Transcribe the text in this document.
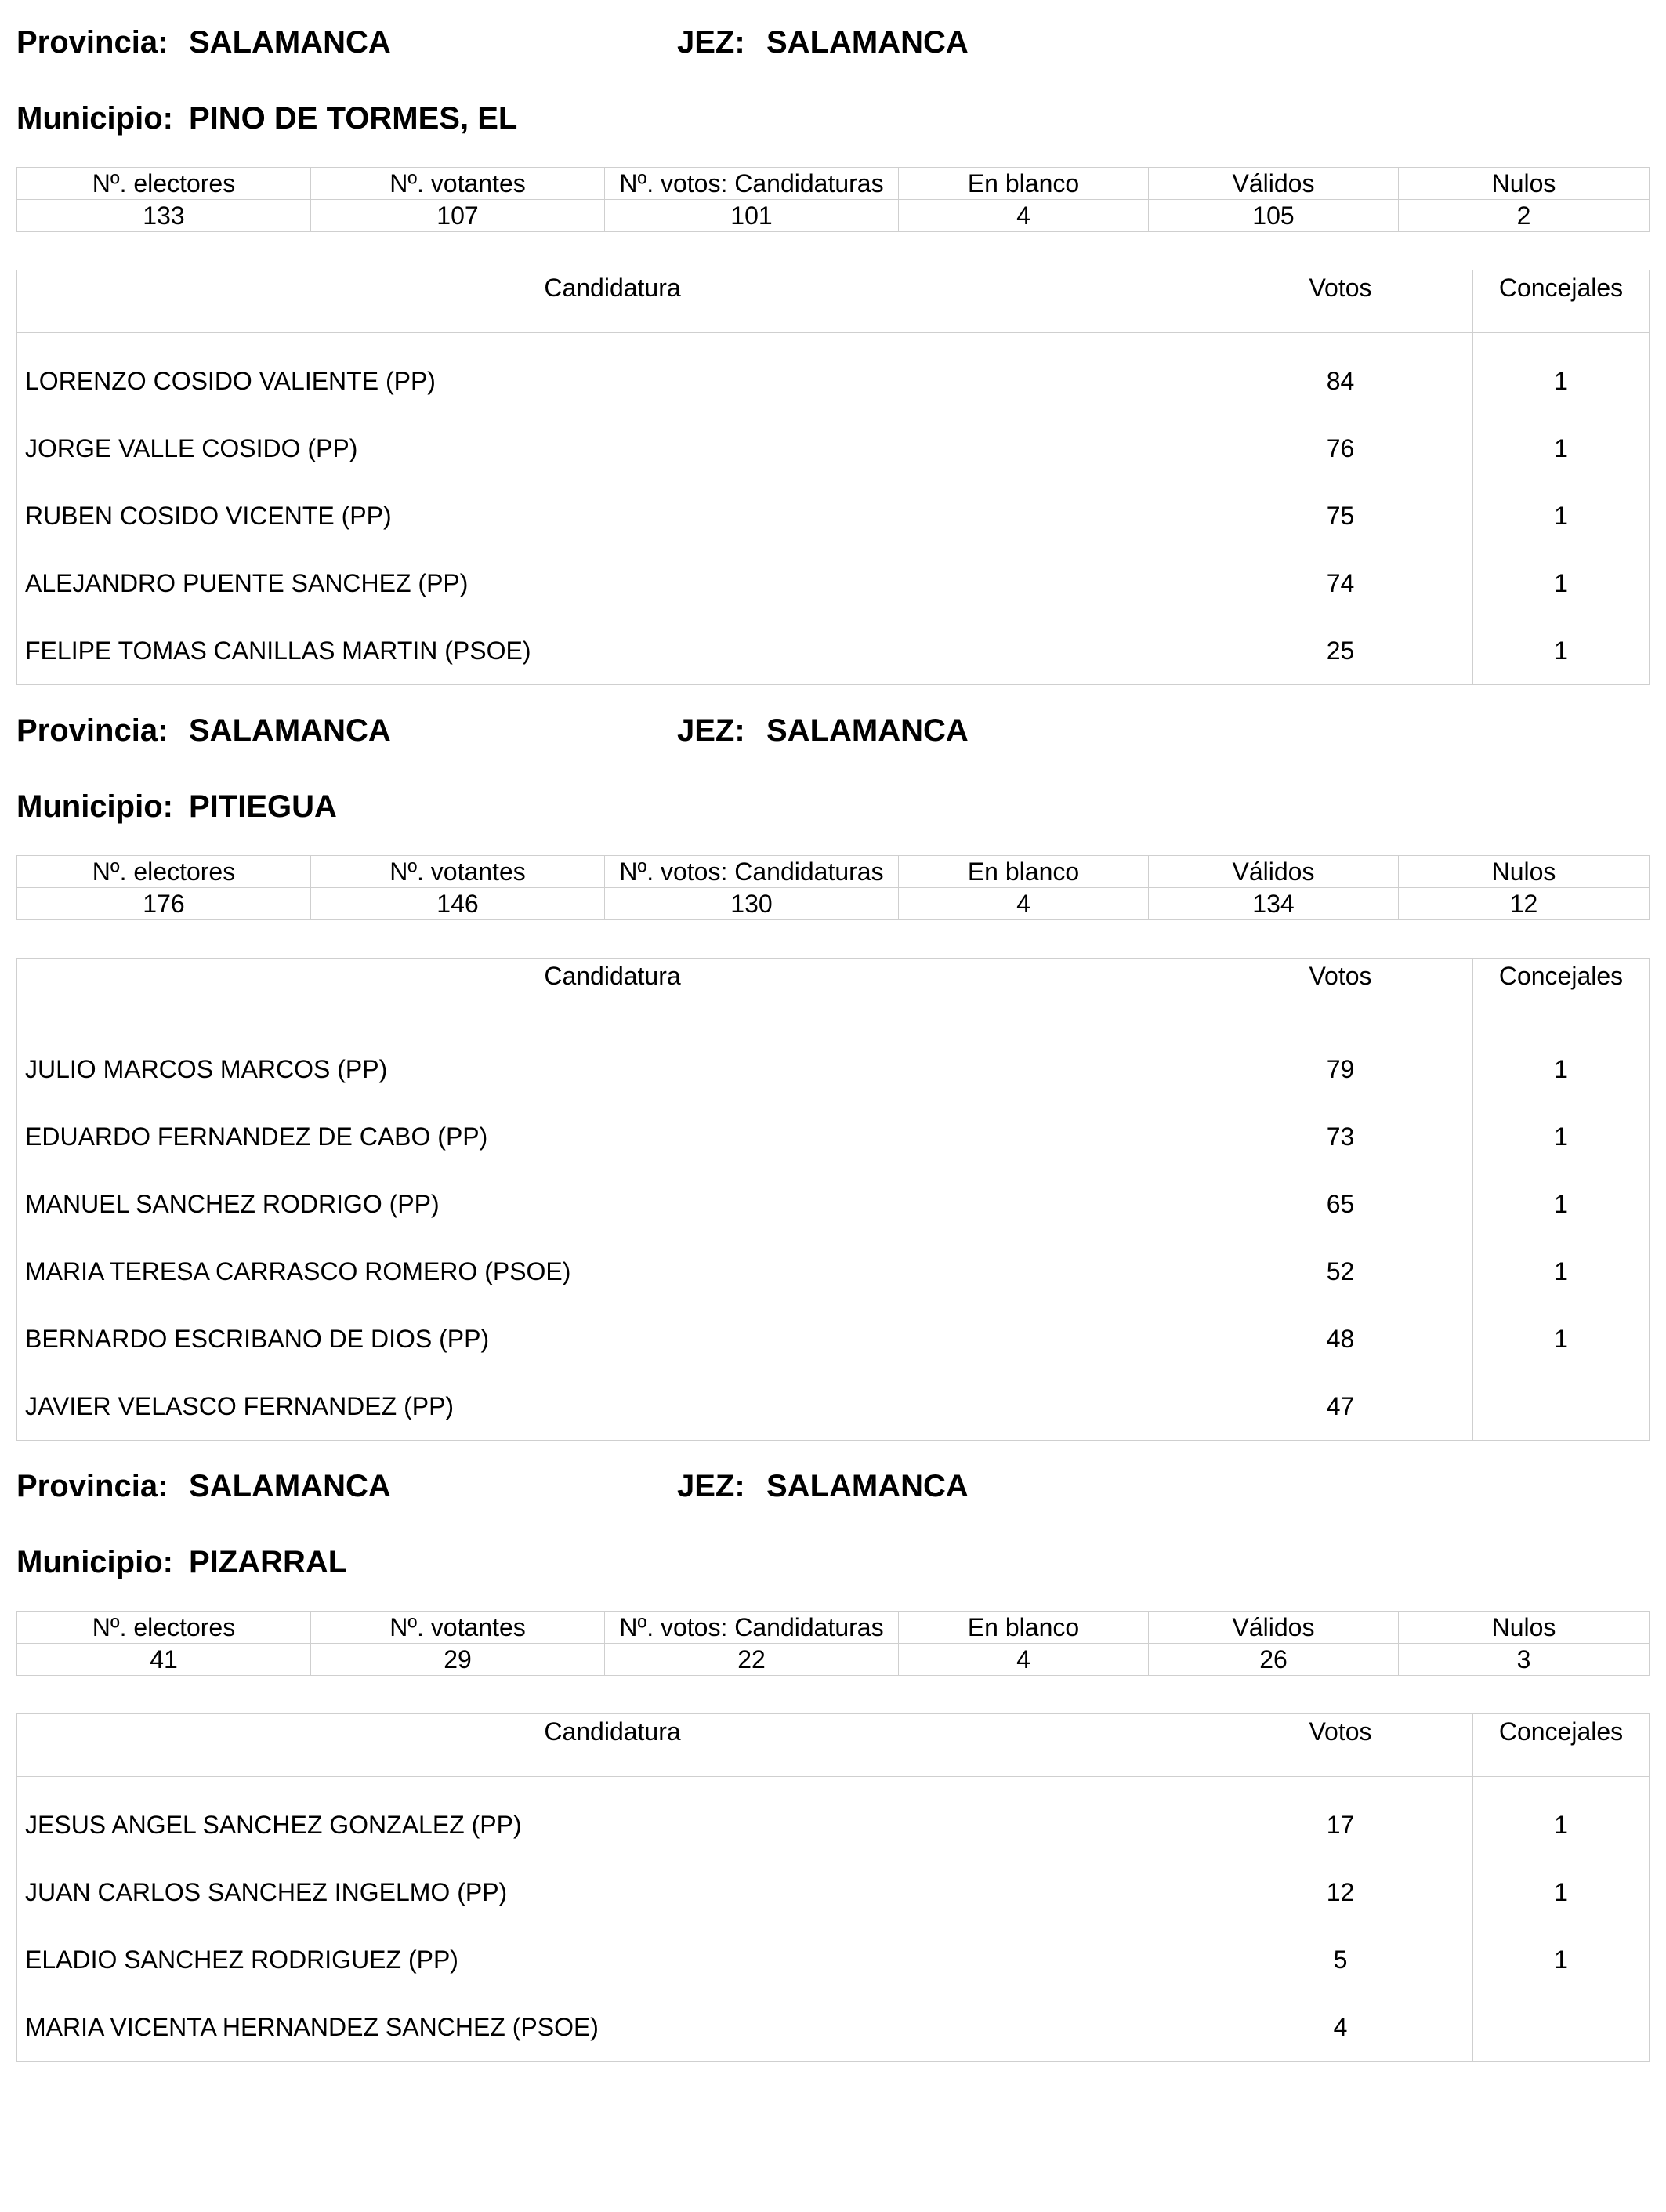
Provincia: SALAMANCA	JEZ: SALAMANCA
Municipio: PINO DE TORMES, EL
Nº. electores	Nº. votantes	Nº. votos: Candidaturas	En blanco	Válidos	Nulos
133	107	101	4	105	2
Candidatura	Votos	Concejales
LORENZO COSIDO VALIENTE (PP)	84	1
JORGE VALLE COSIDO (PP)	76	1
RUBEN COSIDO VICENTE (PP)	75	1
ALEJANDRO PUENTE SANCHEZ (PP)	74	1
FELIPE TOMAS CANILLAS MARTIN (PSOE)	25	1
Provincia: SALAMANCA	JEZ: SALAMANCA
Municipio: PITIEGUA
Nº. electores	Nº. votantes	Nº. votos: Candidaturas	En blanco	Válidos	Nulos
176	146	130	4	134	12
Candidatura	Votos	Concejales
JULIO MARCOS MARCOS (PP)	79	1
EDUARDO FERNANDEZ DE CABO (PP)	73	1
MANUEL SANCHEZ RODRIGO (PP)	65	1
MARIA TERESA CARRASCO ROMERO (PSOE)	52	1
BERNARDO ESCRIBANO DE DIOS (PP)	48	1
JAVIER VELASCO FERNANDEZ (PP)	47	
Provincia: SALAMANCA	JEZ: SALAMANCA
Municipio: PIZARRAL
Nº. electores	Nº. votantes	Nº. votos: Candidaturas	En blanco	Válidos	Nulos
41	29	22	4	26	3
Candidatura	Votos	Concejales
JESUS ANGEL SANCHEZ GONZALEZ (PP)	17	1
JUAN CARLOS SANCHEZ INGELMO (PP)	12	1
ELADIO SANCHEZ RODRIGUEZ (PP)	5	1
MARIA VICENTA HERNANDEZ SANCHEZ (PSOE)	4	
